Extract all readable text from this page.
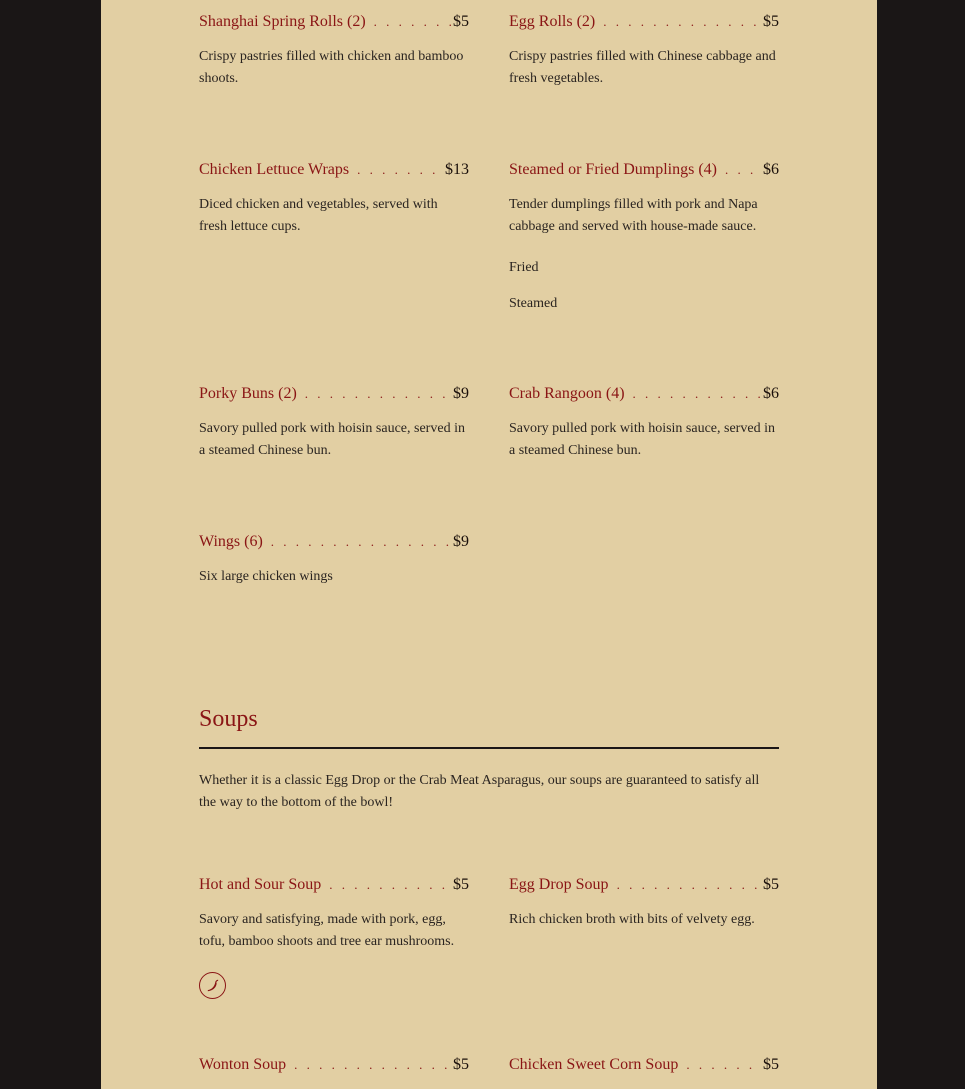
Shanghai Spring Rolls (2) . . .	$5
Crispy pastries filled with chicken and bamboo shoots.
Egg Rolls (2) . . .	$5
Crispy pastries filled with Chinese cabbage and fresh vegetables.
Chicken Lettuce Wraps . . .	$13
Diced chicken and vegetables, served with fresh lettuce cups.
Steamed or Fried Dumplings (4) . . .	$6
Tender dumplings filled with pork and Napa cabbage and served with house-made sauce.
Fried
Steamed
Porky Buns (2) . . .	$9
Savory pulled pork with hoisin sauce, served in a steamed Chinese bun.
Crab Rangoon (4) . . .	$6
Savory pulled pork with hoisin sauce, served in a steamed Chinese bun.
Wings (6) . . .	$9
Six large chicken wings
Soups
Whether it is a classic Egg Drop or the Crab Meat Asparagus, our soups are guaranteed to satisfy all the way to the bottom of the bowl!
Hot and Sour Soup . . .	$5
Savory and satisfying, made with pork, egg, tofu, bamboo shoots and tree ear mushrooms.
Egg Drop Soup . . .	$5
Rich chicken broth with bits of velvety egg.
Wonton Soup . . .	$5	Chicken Sweet Corn Soup . . .	$5
